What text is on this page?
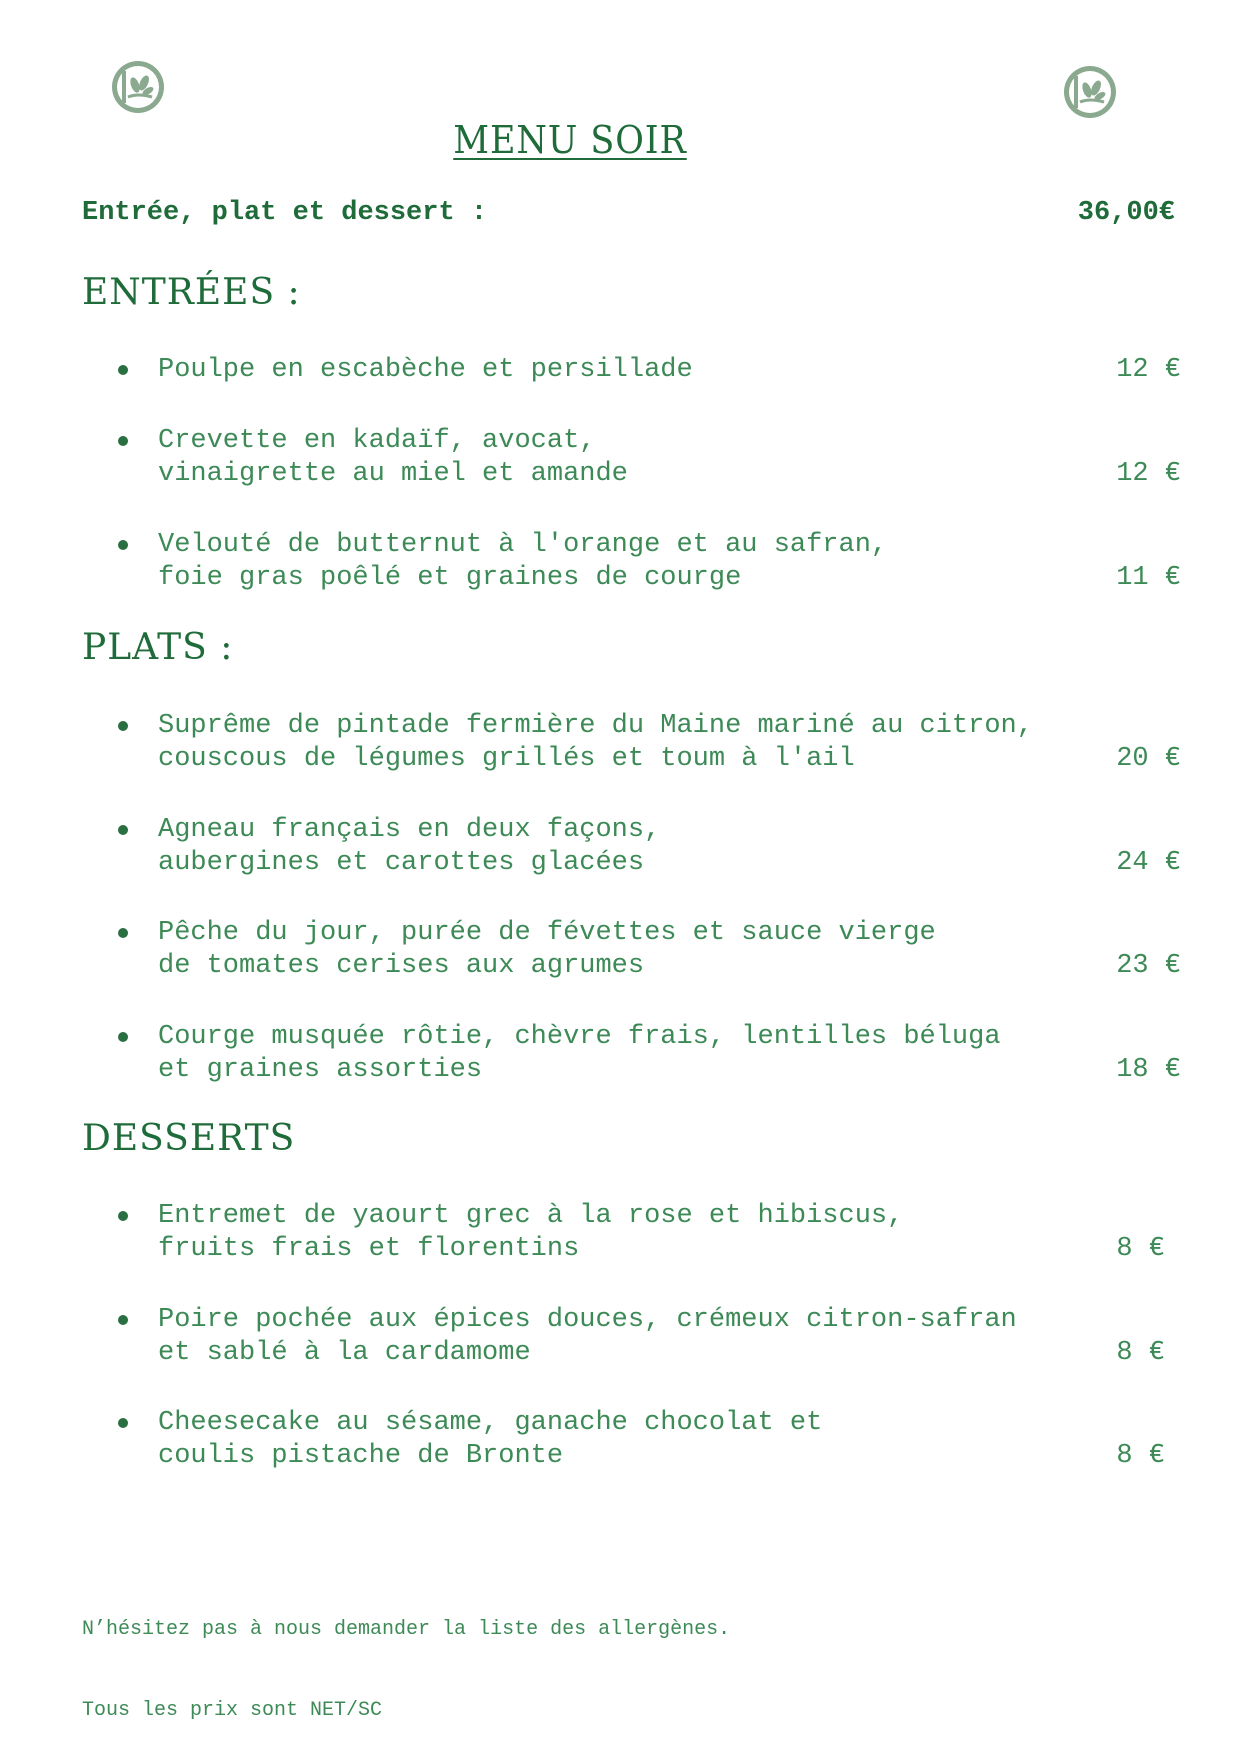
MENU SOIR
Entrée, plat et dessert :	36,00€
ENTRÉES :
Poulpe en escabèche et persillade	12 €
Crevette en kadaïf, avocat,
vinaigrette au miel et amande	12 €
Velouté de butternut à l'orange et au safran,
foie gras poêlé et graines de courge	11 €
PLATS :
Suprême de pintade fermière du Maine mariné au citron,
couscous de légumes grillés et toum à l'ail	20 €
Agneau français en deux façons,
aubergines et carottes glacées	24 €
Pêche du jour, purée de févettes et sauce vierge
de tomates cerises aux agrumes	23 €
Courge musquée rôtie, chèvre frais, lentilles béluga
et graines assorties	18 €
DESSERTS
Entremet de yaourt grec à la rose et hibiscus,
fruits frais et florentins	8 €
Poire pochée aux épices douces, crémeux citron-safran
et sablé à la cardamome	8 €
Cheesecake au sésame, ganache chocolat et
coulis pistache de Bronte	8 €

N’hésitez pas à nous demander la liste des allergènes.

Tous les prix sont NET/SC
